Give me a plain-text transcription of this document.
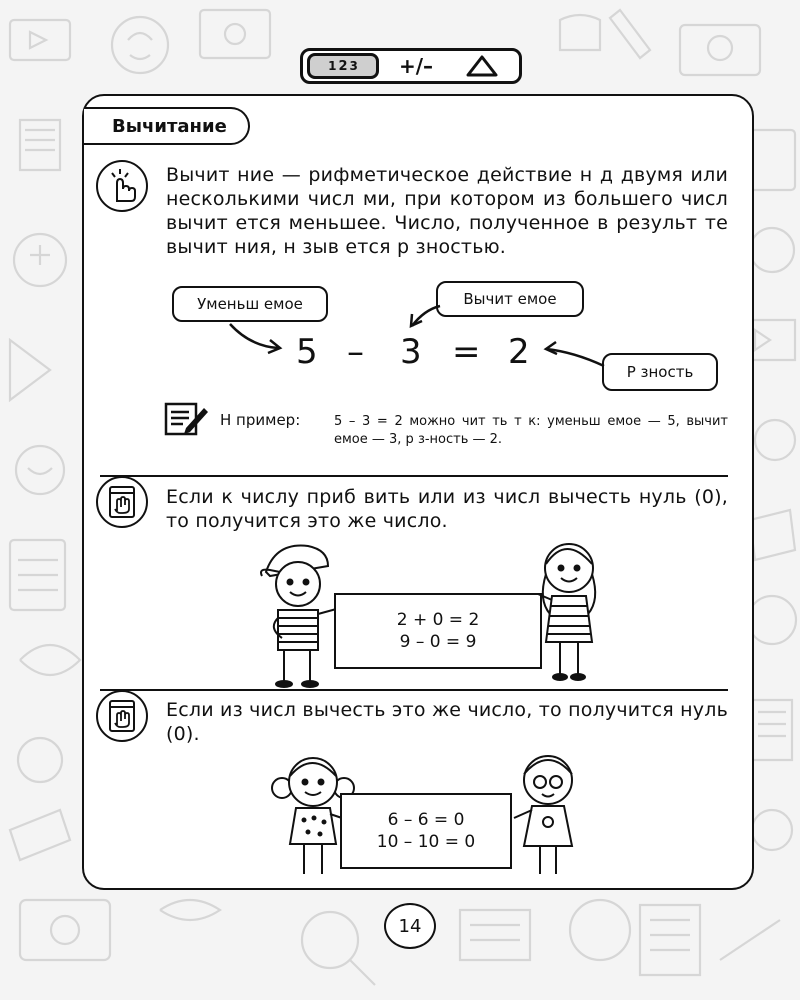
1 2 3	+/–
Вычитание
Вычит ние — рифметическое действие н д двумя или несколькими числ ми, при котором из большего числ вычит ется меньшее. Число, полученное в результ те вычит ния, н зыв ется р зностью.
Уменьш емое	Вычит емое
Р зность
5 – 3 = 2
Н пример:	5 – 3 = 2 можно чит ть т к: уменьш емое — 5, вычит емое — 3, р з-ность — 2.
Если к числу приб вить или из числ вычесть нуль (0), то получится это же число.
2 + 0 = 2
9 – 0 = 9
Если из числ вычесть это же число, то получится нуль (0).
6 – 6 = 0
10 – 10 = 0
14
